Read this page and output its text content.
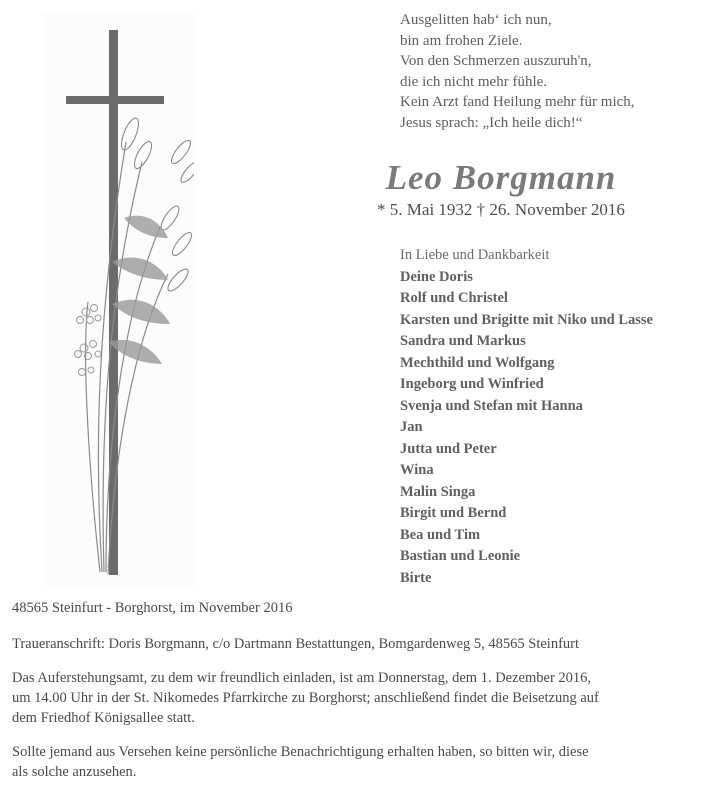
Ausgelitten hab‘ ich nun,
bin am frohen Ziele.
Von den Schmerzen auszuruh'n,
die ich nicht mehr fühle.
Kein Arzt fand Heilung mehr für mich,
Jesus sprach: „Ich heile dich!“
Leo Borgmann
* 5. Mai 1932 † 26. November 2016
In Liebe und Dankbarkeit
Deine Doris
Rolf und Christel
Karsten und Brigitte mit Niko und Lasse
Sandra und Markus
Mechthild und Wolfgang
Ingeborg und Winfried
Svenja und Stefan mit Hanna
Jan
Jutta und Peter
Wina
Malin Singa
Birgit und Bernd
Bea und Tim
Bastian und Leonie
Birte

48565 Steinfurt - Borghorst, im November 2016

Traueranschrift: Doris Borgmann, c/o Dartmann Bestattungen, Bomgardenweg 5, 48565 Steinfurt

Das Auferstehungsamt, zu dem wir freundlich einladen, ist am Donnerstag, dem 1. Dezember 2016,

um 14.00 Uhr in der St. Nikomedes Pfarrkirche zu Borghorst; anschließend findet die Beisetzung auf

dem Friedhof Königsallee statt.

Sollte jemand aus Versehen keine persönliche Benachrichtigung erhalten haben, so bitten wir, diese

als solche anzusehen.
